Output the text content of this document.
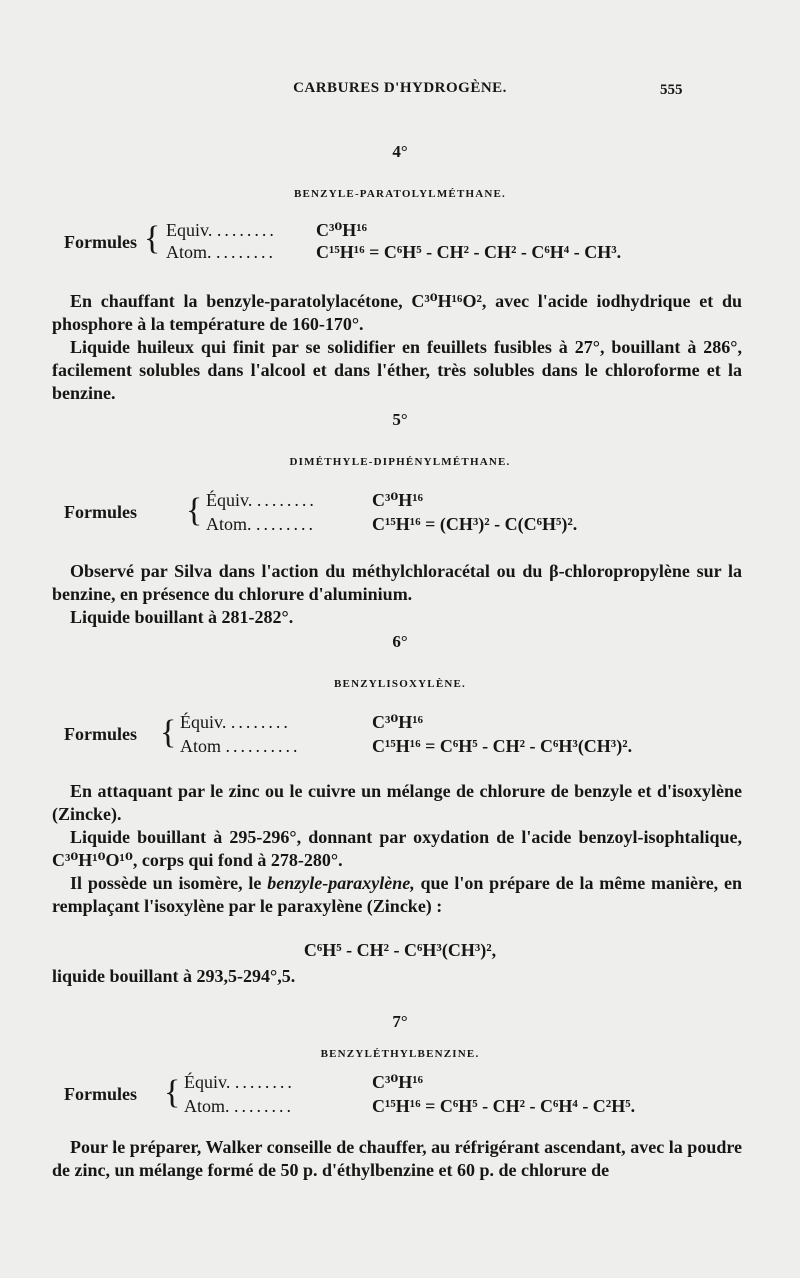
CARBURES D'HYDROGÈNE.	555
4°
BENZYLE-PARATOLYLMÉTHANE.
Formules { Equiv. ........ C³⁰H¹⁶
Atom. ........ C¹⁵H¹⁶ = C⁶H⁵ - CH² - CH² - C⁶H⁴ - CH³.

En chauffant la benzyle-paratolylacétone, C³⁰H¹⁶O², avec l'acide iodhydrique et du phosphore à la température de 160-170°.

Liquide huileux qui finit par se solidifier en feuillets fusibles à 27°, bouillant à 286°, facilement solubles dans l'alcool et dans l'éther, très solubles dans le chloroforme et la benzine.

5°
DIMÉTHYLE-DIPHÉNYLMÉTHANE.
Formules { Équiv. ........	C³⁰H¹⁶
Atom. ........	C¹⁵H¹⁶ = (CH³)² - C(C⁶H⁵)².

Observé par Silva dans l'action du méthylchloracétal ou du β-chloropropylène sur la benzine, en présence du chlorure d'aluminium.

Liquide bouillant à 281-282°.

6°
BENZYLISOXYLÈNE.
Formules { Équiv. ........	C³⁰H¹⁶
Atom ..........	C¹⁵H¹⁶ = C⁶H⁵ - CH² - C⁶H³(CH³)².

En attaquant par le zinc ou le cuivre un mélange de chlorure de benzyle et d'isoxylène (Zincke).

Liquide bouillant à 295-296°, donnant par oxydation de l'acide benzoyl-isophtalique, C³⁰H¹⁰O¹⁰, corps qui fond à 278-280°.

Il possède un isomère, le benzyle-paraxylène, que l'on prépare de la même manière, en remplaçant l'isoxylène par le paraxylène (Zincke) :

C⁶H⁵ - CH² - C⁶H³(CH³)²,
liquide bouillant à 293,5-294°,5.
7°
BENZYLÉTHYLBENZINE.
Formules { Équiv. ........	C³⁰H¹⁶
Atom. ........	C¹⁵H¹⁶ = C⁶H⁵ - CH² - C⁶H⁴ - C²H⁵.

Pour le préparer, Walker conseille de chauffer, au réfrigérant ascendant, avec la poudre de zinc, un mélange formé de 50 p. d'éthylbenzine et 60 p. de chlorure de
